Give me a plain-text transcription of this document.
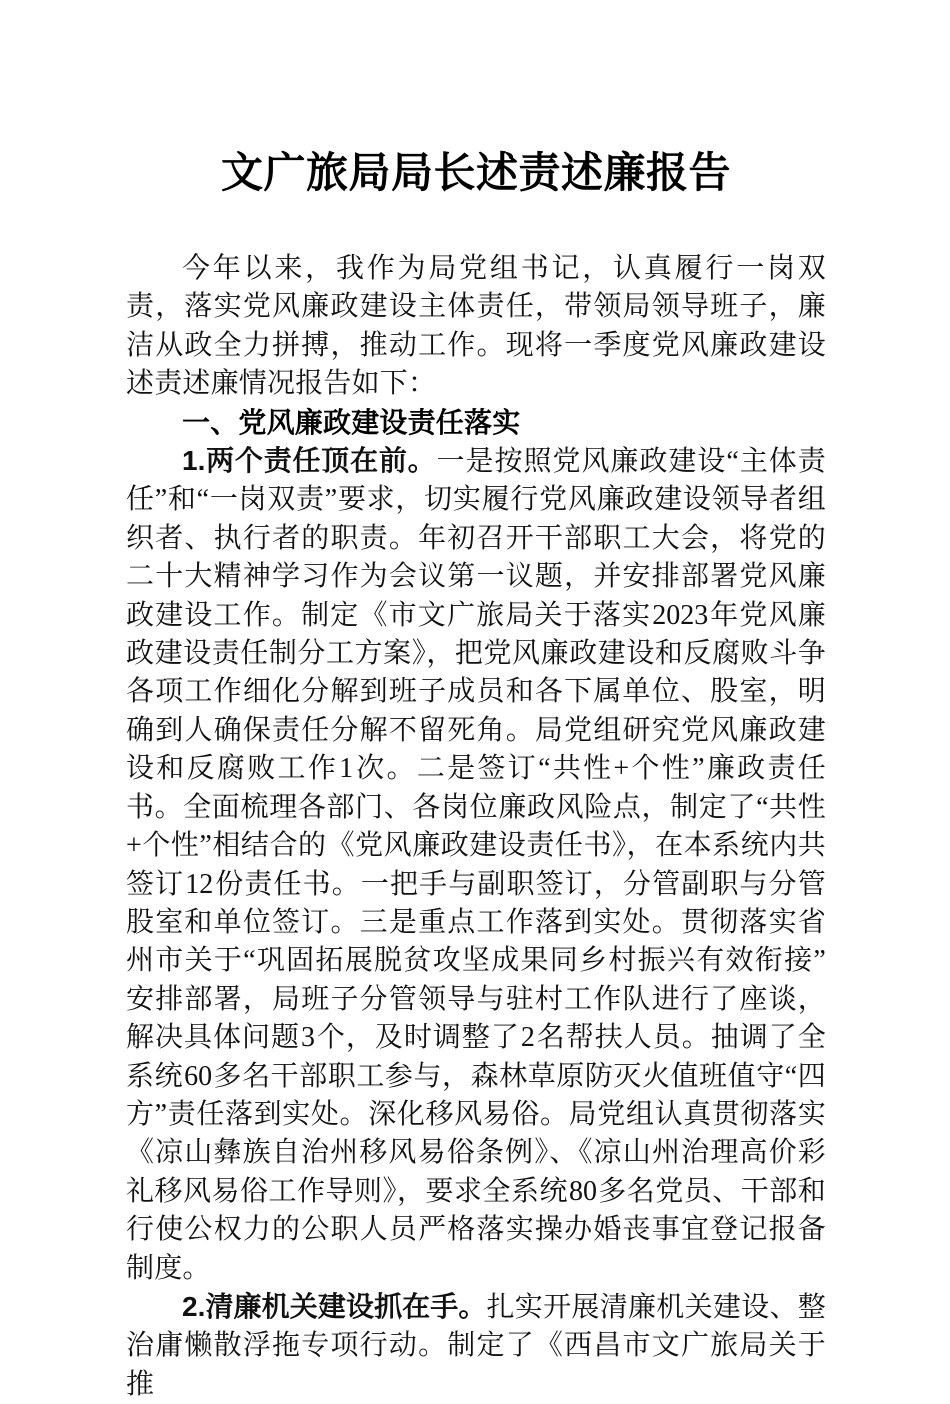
文广旅局局长述责述廉报告

今年以来，我作为局党组书记，认真履行一岗双责，落实党风廉政建设主体责任，带领局领导班子，廉洁从政全力拼搏，推动工作。现将一季度党风廉政建设述责述廉情况报告如下：

一、党风廉政建设责任落实

1.两个责任顶在前。一是按照党风廉政建设“主体责任”和“一岗双责”要求，切实履行党风廉政建设领导者组织者、执行者的职责。年初召开干部职工大会，将党的二十大精神学习作为会议第一议题，并安排部署党风廉政建设工作。制定《市文广旅局关于落实2023年党风廉政建设责任制分工方案》，把党风廉政建设和反腐败斗争各项工作细化分解到班子成员和各下属单位、股室，明确到人确保责任分解不留死角。局党组研究党风廉政建设和反腐败工作1次。二是签订“共性+个性”廉政责任书。全面梳理各部门、各岗位廉政风险点，制定了“共性+个性”相结合的《党风廉政建设责任书》，在本系统内共签订12份责任书。一把手与副职签订，分管副职与分管股室和单位签订。三是重点工作落到实处。贯彻落实省州市关于“巩固拓展脱贫攻坚成果同乡村振兴有效衔接”安排部署，局班子分管领导与驻村工作队进行了座谈，解决具体问题3个，及时调整了2名帮扶人员。抽调了全系统60多名干部职工参与，森林草原防灭火值班值守“四方”责任落到实处。深化移风易俗。局党组认真贯彻落实《凉山彝族自治州移风易俗条例》、《凉山州治理高价彩礼移风易俗工作导则》，要求全系统80多名党员、干部和行使公权力的公职人员严格落实操办婚丧事宜登记报备制度。

2.清廉机关建设抓在手。扎实开展清廉机关建设、整治庸懒散浮拖专项行动。制定了《西昌市文广旅局关于推
